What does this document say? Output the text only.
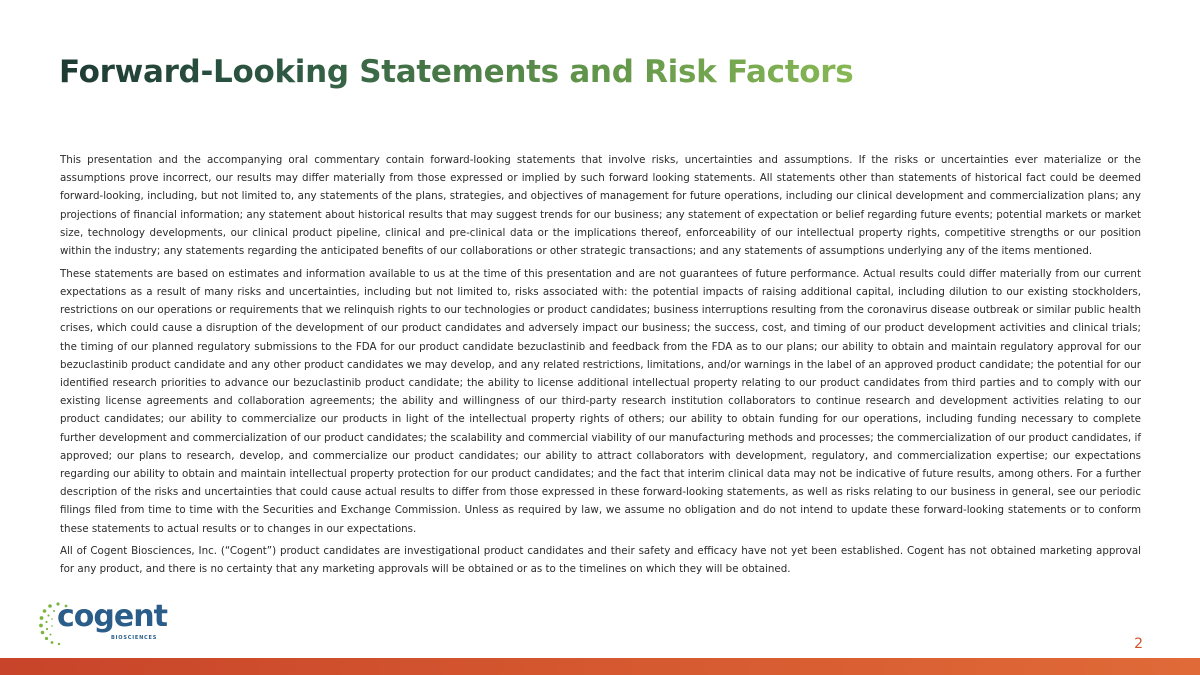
Forward-Looking Statements and Risk Factors

This presentation and the accompanying oral commentary contain forward-looking statements that involve risks, uncertainties and assumptions. If the risks or uncertainties ever materialize or the assumptions prove incorrect, our results may differ materially from those expressed or implied by such forward looking statements. All statements other than statements of historical fact could be deemed forward-looking, including, but not limited to, any statements of the plans, strategies, and objectives of management for future operations, including our clinical development and commercialization plans; any projections of financial information; any statement about historical results that may suggest trends for our business; any statement of expectation or belief regarding future events; potential markets or market size, technology developments, our clinical product pipeline, clinical and pre-clinical data or the implications thereof, enforceability of our intellectual property rights, competitive strengths or our position within the industry; any statements regarding the anticipated benefits of our collaborations or other strategic transactions; and any statements of assumptions underlying any of the items mentioned.

These statements are based on estimates and information available to us at the time of this presentation and are not guarantees of future performance. Actual results could differ materially from our current expectations as a result of many risks and uncertainties, including but not limited to, risks associated with: the potential impacts of raising additional capital, including dilution to our existing stockholders, restrictions on our operations or requirements that we relinquish rights to our technologies or product candidates; business interruptions resulting from the coronavirus disease outbreak or similar public health crises, which could cause a disruption of the development of our product candidates and adversely impact our business; the success, cost, and timing of our product development activities and clinical trials; the timing of our planned regulatory submissions to the FDA for our product candidate bezuclastinib and feedback from the FDA as to our plans; our ability to obtain and maintain regulatory approval for our bezuclastinib product candidate and any other product candidates we may develop, and any related restrictions, limitations, and/or warnings in the label of an approved product candidate; the potential for our identified research priorities to advance our bezuclastinib product candidate; the ability to license additional intellectual property relating to our product candidates from third parties and to comply with our existing license agreements and collaboration agreements; the ability and willingness of our third-party research institution collaborators to continue research and development activities relating to our product candidates; our ability to commercialize our products in light of the intellectual property rights of others; our ability to obtain funding for our operations, including funding necessary to complete further development and commercialization of our product candidates; the scalability and commercial viability of our manufacturing methods and processes; the commercialization of our product candidates, if approved; our plans to research, develop, and commercialize our product candidates; our ability to attract collaborators with development, regulatory, and commercialization expertise; our expectations regarding our ability to obtain and maintain intellectual property protection for our product candidates; and the fact that interim clinical data may not be indicative of future results, among others. For a further description of the risks and uncertainties that could cause actual results to differ from those expressed in these forward-looking statements, as well as risks relating to our business in general, see our periodic filings filed from time to time with the Securities and Exchange Commission. Unless as required by law, we assume no obligation and do not intend to update these forward-looking statements or to conform these statements to actual results or to changes in our expectations.

All of Cogent Biosciences, Inc. (“Cogent”) product candidates are investigational product candidates and their safety and efficacy have not yet been established. Cogent has not obtained marketing approval for any product, and there is no certainty that any marketing approvals will be obtained or as to the timelines on which they will be obtained.

cogent
BIOSCIENCES	2
